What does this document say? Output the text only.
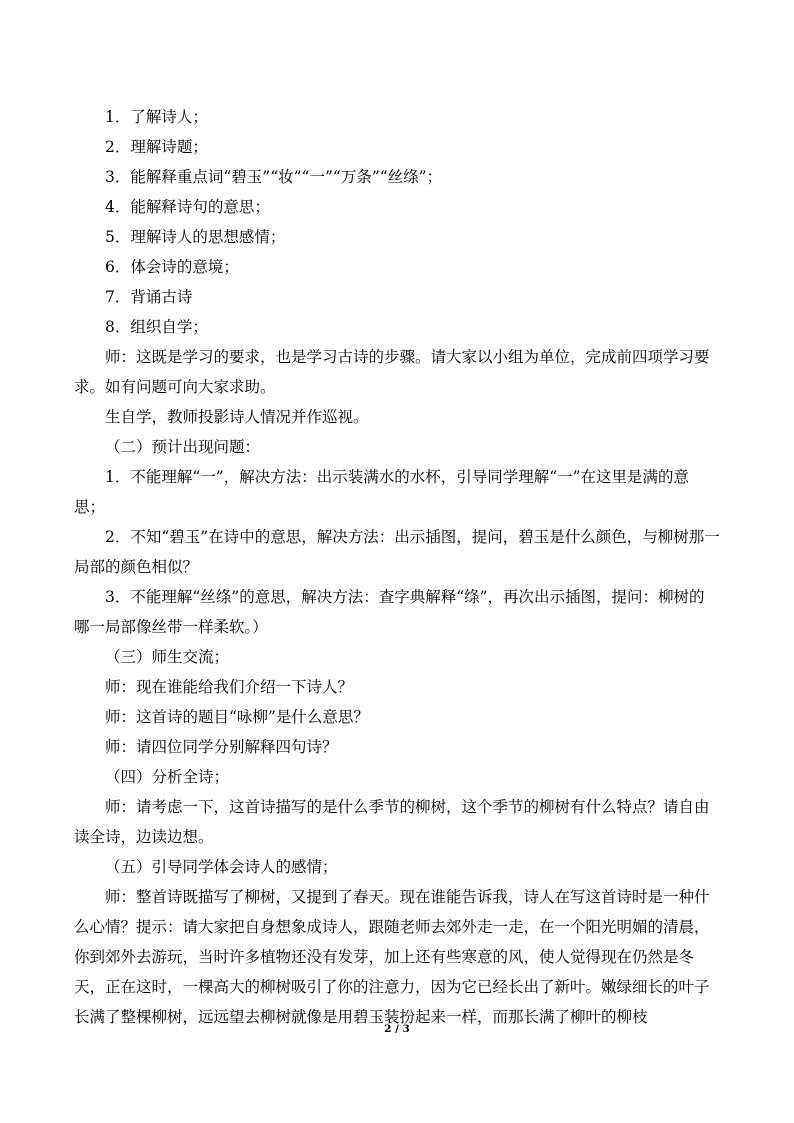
1．了解诗人；
2．理解诗题；
3．能解释重点词“碧玉”“妆”“一”“万条”“丝绦”；
4．能解释诗句的意思；
5．理解诗人的思想感情；
6．体会诗的意境；
7．背诵古诗
8．组织自学；
师：这既是学习的要求，也是学习古诗的步骤。请大家以小组为单位，完成前四项学习要求。如有问题可向大家求助。
生自学，教师投影诗人情况并作巡视。
（二）预计出现问题：
1．不能理解“一”，解决方法：出示装满水的水杯，引导同学理解“一”在这里是满的意思；
2．不知“碧玉”在诗中的意思，解决方法：出示插图，提问，碧玉是什么颜色，与柳树那一局部的颜色相似？
3．不能理解“丝绦”的意思，解决方法：查字典解释“绦”，再次出示插图，提问：柳树的哪一局部像丝带一样柔软。）
（三）师生交流；
师：现在谁能给我们介绍一下诗人？
师：这首诗的题目“咏柳”是什么意思？
师：请四位同学分别解释四句诗？
（四）分析全诗；
师：请考虑一下，这首诗描写的是什么季节的柳树，这个季节的柳树有什么特点？请自由读全诗，边读边想。
（五）引导同学体会诗人的感情；
师：整首诗既描写了柳树，又提到了春天。现在谁能告诉我，诗人在写这首诗时是一种什么心情？提示：请大家把自身想象成诗人，跟随老师去郊外走一走，在一个阳光明媚的清晨，你到郊外去游玩，当时许多植物还没有发芽，加上还有些寒意的风，使人觉得现在仍然是冬天，正在这时，一棵高大的柳树吸引了你的注意力，因为它已经长出了新叶。嫩绿细长的叶子长满了整棵柳树，远远望去柳树就像是用碧玉装扮起来一样，而那长满了柳叶的柳枝
2 / 3
